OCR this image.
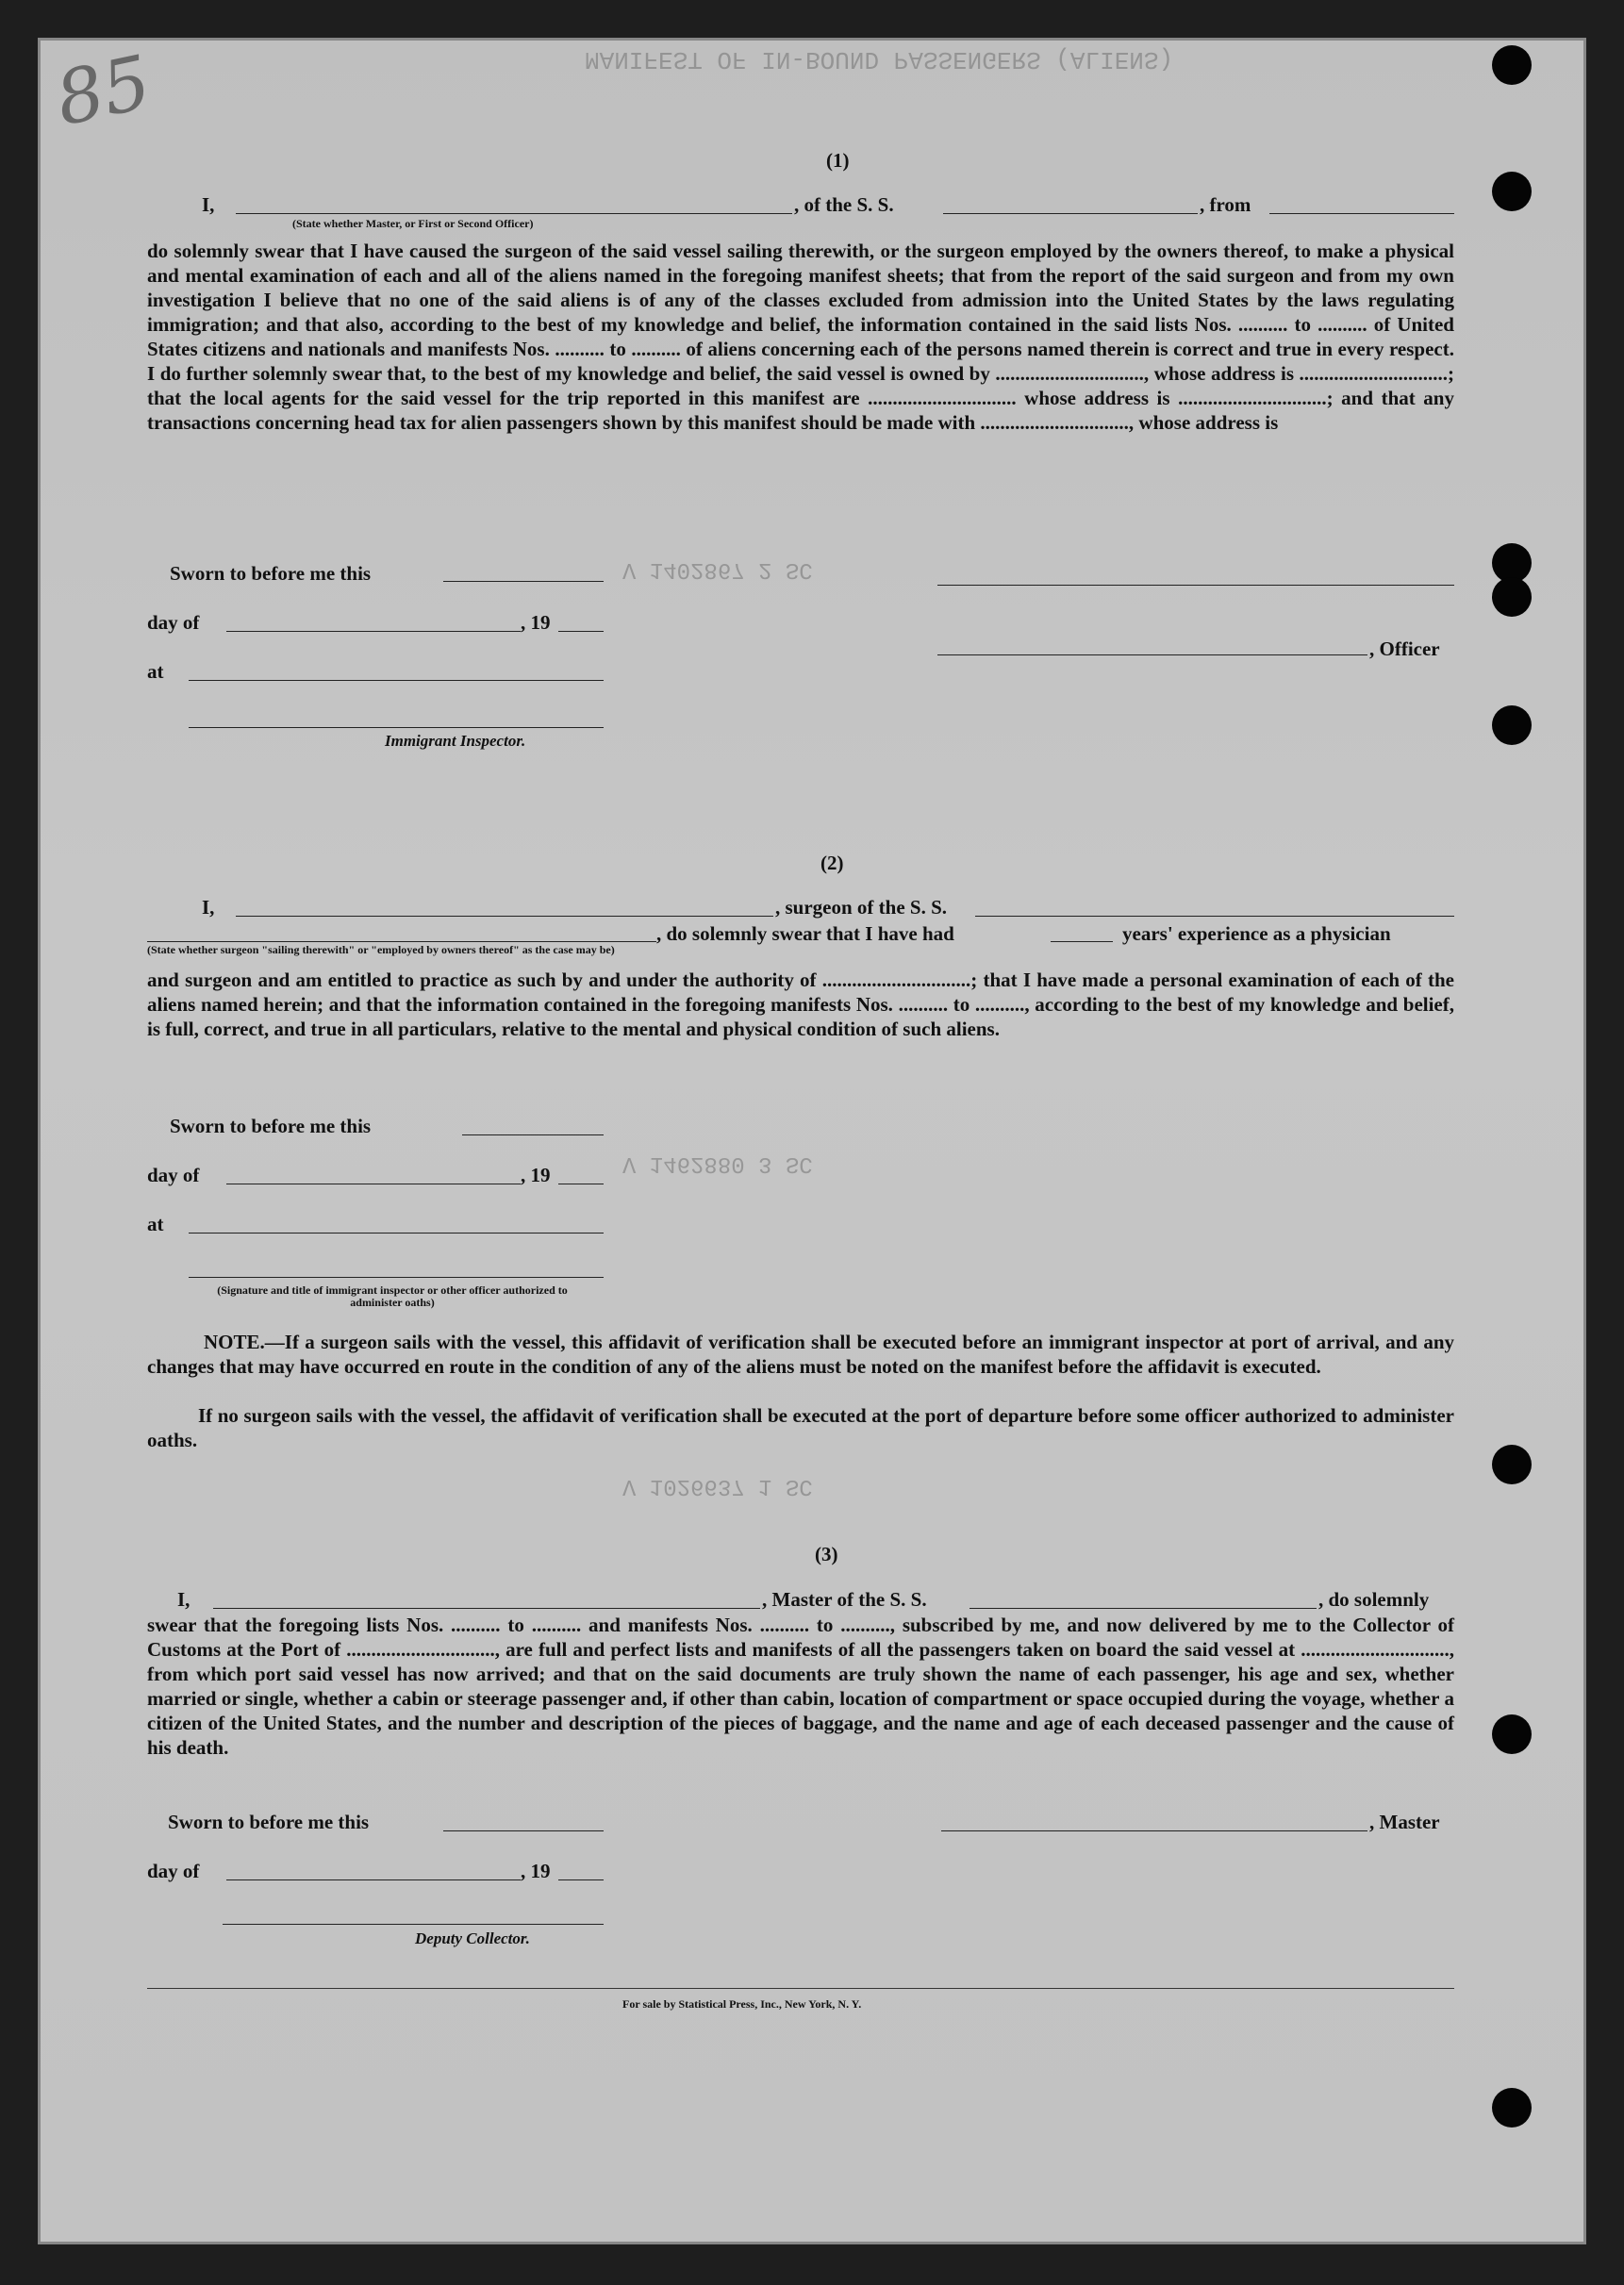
MANIFEST OF IN-BOUND PASSENGERS (ALIENS)
V 1402867 2 SC
V 1462880 3 SC
V 1026637 1 SC
85
(1)
I,	, of the S. S.	, from
(State whether Master, or First or Second Officer)
do solemnly swear that I have caused the surgeon of the said vessel sailing therewith, or the surgeon employed by the owners thereof, to make a physical and mental examination of each and all of the aliens named in the foregoing manifest sheets; that from the report of the said surgeon and from my own investigation I believe that no one of the said aliens is of any of the classes excluded from admission into the United States by the laws regulating immigration; and that also, according to the best of my knowledge and belief, the information contained in the said lists Nos. .......... to .......... of United States citizens and nationals and manifests Nos. .......... to .......... of aliens concerning each of the persons named therein is correct and true in every respect. I do further solemnly swear that, to the best of my knowledge and belief, the said vessel is owned by .............................., whose address is ..............................; that the local agents for the said vessel for the trip reported in this manifest are .............................. whose address is ..............................; and that any transactions concerning head tax for alien passengers shown by this manifest should be made with .............................., whose address is
Sworn to before me this
day of	, 19
, Officer
at
Immigrant Inspector.
(2)
I,	, surgeon of the S. S.
, do solemnly swear that I have had	years' experience as a physician
(State whether surgeon "sailing therewith" or "employed by owners thereof" as the case may be)
and surgeon and am entitled to practice as such by and under the authority of ..............................; that I have made a personal examination of each of the aliens named herein; and that the information contained in the foregoing manifests Nos. .......... to .........., according to the best of my knowledge and belief, is full, correct, and true in all particulars, relative to the mental and physical condition of such aliens.
Sworn to before me this
day of	, 19
at
(Signature and title of immigrant inspector or other officer authorized to administer oaths)
NOTE.—If a surgeon sails with the vessel, this affidavit of verification shall be executed before an immigrant inspector at port of arrival, and any changes that may have occurred en route in the condition of any of the aliens must be noted on the manifest before the affidavit is executed.
If no surgeon sails with the vessel, the affidavit of verification shall be executed at the port of departure before some officer authorized to administer oaths.
(3)
I,	, Master of the S. S.	, do solemnly
swear that the foregoing lists Nos. .......... to .......... and manifests Nos. .......... to .........., subscribed by me, and now delivered by me to the Collector of Customs at the Port of .............................., are full and perfect lists and manifests of all the passengers taken on board the said vessel at .............................., from which port said vessel has now arrived; and that on the said documents are truly shown the name of each passenger, his age and sex, whether married or single, whether a cabin or steerage passenger and, if other than cabin, location of compartment or space occupied during the voyage, whether a citizen of the United States, and the number and description of the pieces of baggage, and the name and age of each deceased passenger and the cause of his death.
Sworn to before me this	, Master
day of	, 19
Deputy Collector.
For sale by Statistical Press, Inc., New York, N. Y.
